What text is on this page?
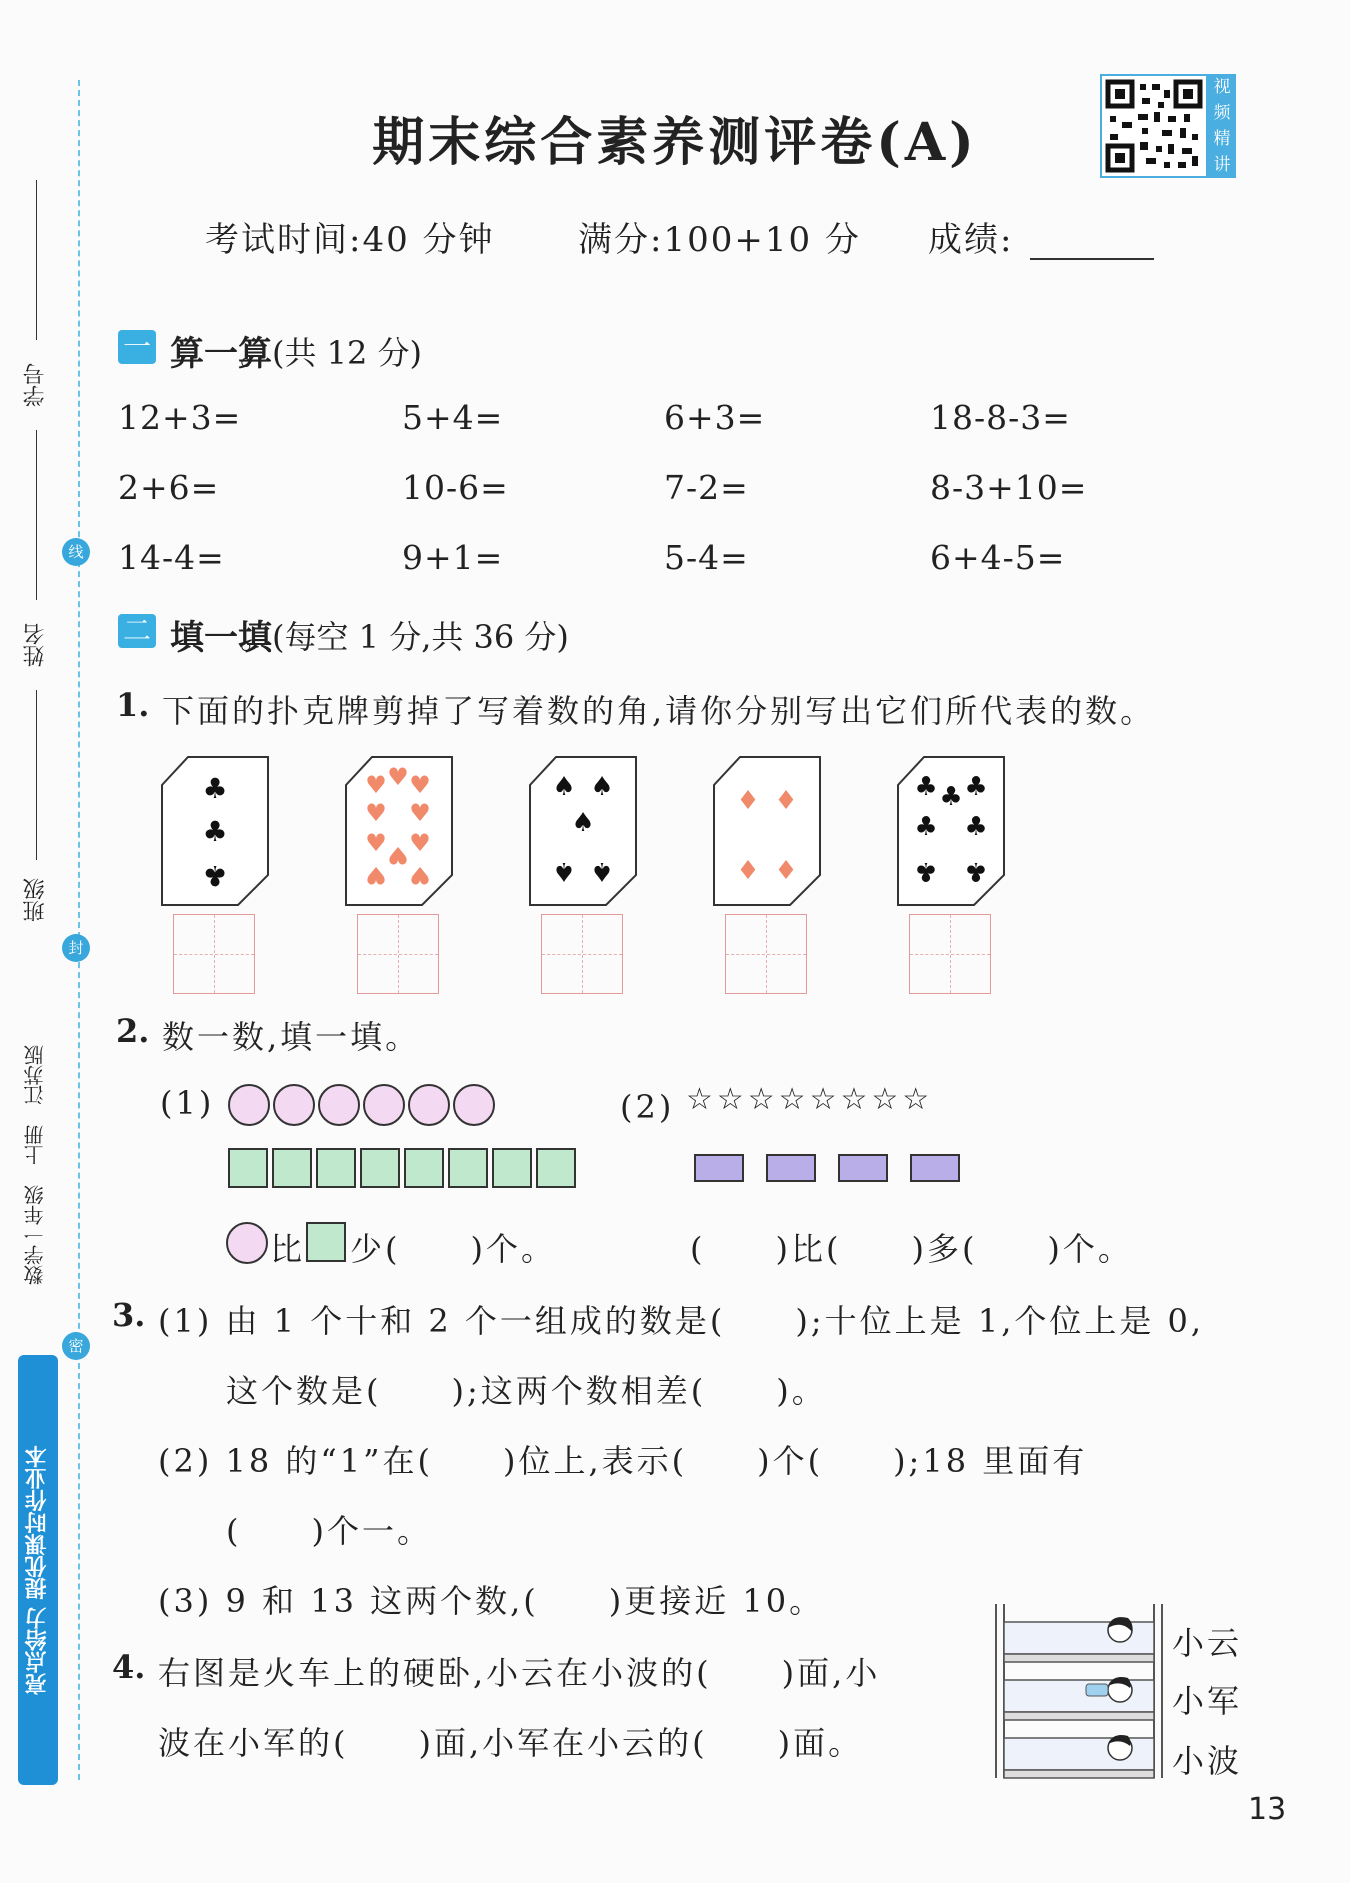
学号
姓名
班级
数学一年级　上册　江苏版
线
封
密
亮点给力 提优课时作业本
期末综合素养测评卷(A)
视
频
精
讲
考试时间:40 分钟 满分:100+10 分 成绩:
一 算一算
。(共 12 分)
12+3=	5+4=	6+3=	18-8-3=
2+6=	10-6=	7-2=	8-3+10=
14-4=	9+1=	5-4=	6+4-5=
二 填一填
。(每空 1 分,共 36 分)
1. 下面的扑克牌剪掉了写着数的角,请你分别写出它们所代表的数。
♣
♣
♣
♥ ♥ ♥
♥ ♥
♥ ♥
♥
♥ ♥
♠ ♠
♠
♠ ♠
♦ ♦
♦ ♦
♣ ♣ ♣
♣ ♣
♣ ♣
2. 数一数,填一填。
(1)
比 少(　　)个。
(2) ☆☆☆☆☆☆☆☆
(　　)比(　　)多(　　)个。
3. (1) 由 1 个十和 2 个一组成的数是(　　);十位上是 1,个位上是 0,
这个数是(　　);这两个数相差(　　)。
(2) 18 的“1”在(　　)位上,表示(　　)个(　　);18 里面有
(　　)个一。
(3) 9 和 13 这两个数,(　　)更接近 10。
4. 右图是火车上的硬卧,小云在小波的(　　)面,小
波在小军的(　　)面,小军在小云的(　　)面。
小云
小军
小波
13
